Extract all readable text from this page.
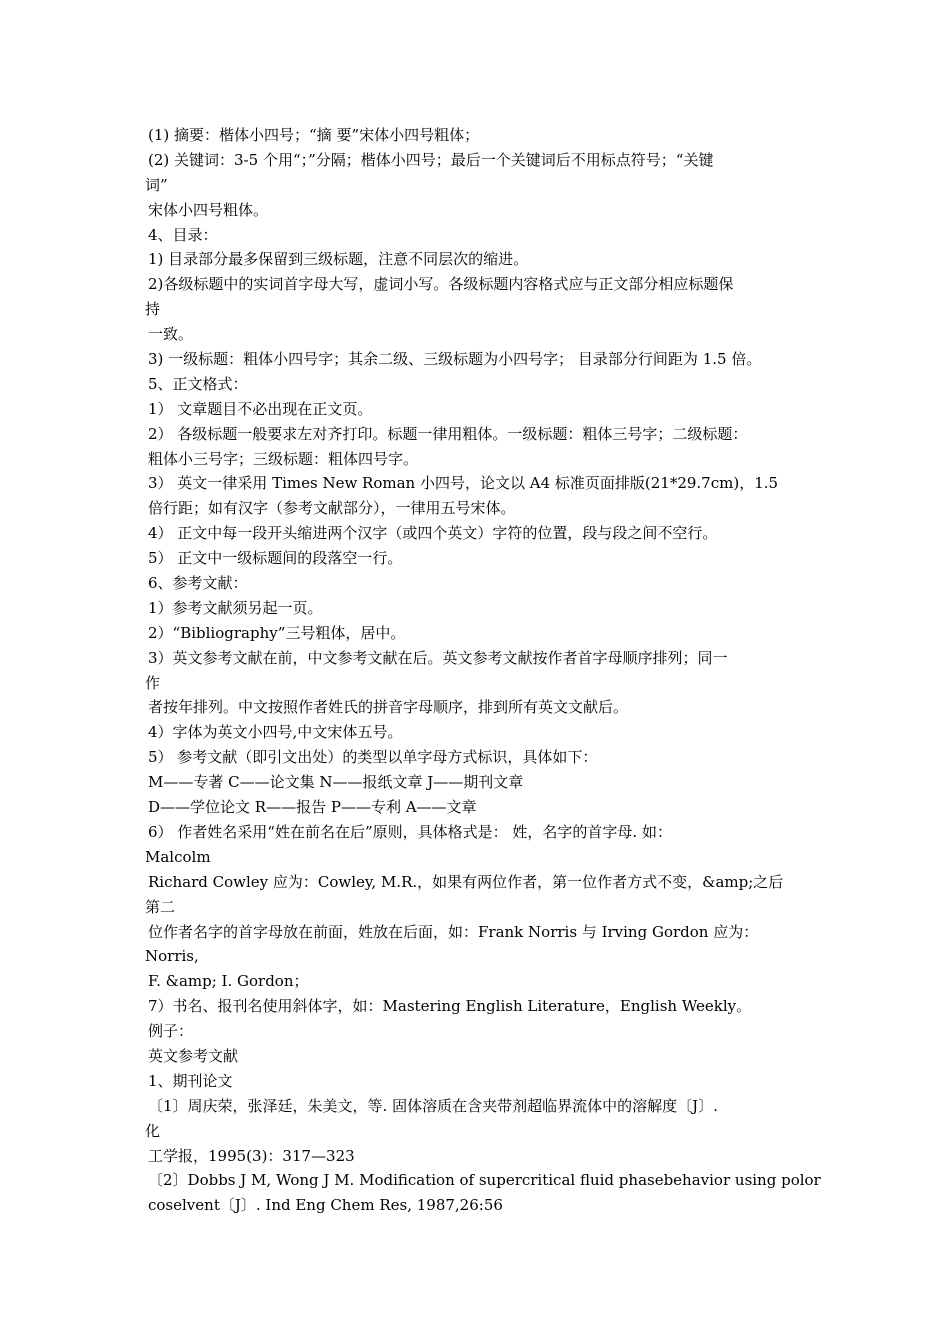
(1) 摘要：楷体小四号；“摘 要”宋体小四号粗体；
(2) 关键词：3-5 个用“；”分隔；楷体小四号；最后一个关键词后不用标点符号；“关键
词”
宋体小四号粗体。
4、目录：
1) 目录部分最多保留到三级标题，注意不同层次的缩进。
2)各级标题中的实词首字母大写，虚词小写。各级标题内容格式应与正文部分相应标题保
持
一致。
3) 一级标题：粗体小四号字；其余二级、三级标题为小四号字； 目录部分行间距为 1.5 倍。
5、正文格式：
1） 文章题目不必出现在正文页。
2） 各级标题一般要求左对齐打印。标题一律用粗体。一级标题：粗体三号字；二级标题：
粗体小三号字；三级标题：粗体四号字。
3） 英文一律采用 Times New Roman 小四号，论文以 A4 标准页面排版(21*29.7cm)，1.5
倍行距；如有汉字（参考文献部分），一律用五号宋体。
4） 正文中每一段开头缩进两个汉字（或四个英文）字符的位置，段与段之间不空行。
5） 正文中一级标题间的段落空一行。
6、参考文献：
1）参考文献须另起一页。
2）“Bibliography”三号粗体，居中。
3）英文参考文献在前，中文参考文献在后。英文参考文献按作者首字母顺序排列；同一
作
者按年排列。中文按照作者姓氏的拼音字母顺序，排到所有英文文献后。
4）字体为英文小四号,中文宋体五号。
5） 参考文献（即引文出处）的类型以单字母方式标识，具体如下：
M——专著 C——论文集 N——报纸文章 J——期刊文章
D——学位论文 R——报告 P——专利 A——文章
6） 作者姓名采用“姓在前名在后”原则，具体格式是： 姓，名字的首字母. 如：
Malcolm
Richard Cowley 应为：Cowley, M.R.，如果有两位作者，第一位作者方式不变，&amp;之后
第二
位作者名字的首字母放在前面，姓放在后面，如：Frank Norris 与 Irving Gordon 应为：
Norris,
F. &amp; I. Gordon；
7）书名、报刊名使用斜体字，如：Mastering English Literature，English Weekly。
例子：
英文参考文献
1、期刊论文
〔1〕周庆荣，张泽廷，朱美文，等. 固体溶质在含夹带剂超临界流体中的溶解度〔J〕.
化
工学报，1995(3)：317—323
〔2〕Dobbs J M, Wong J M. Modification of supercritical fluid phasebehavior using polor
coselvent〔J〕. Ind Eng Chem Res, 1987,26:56
